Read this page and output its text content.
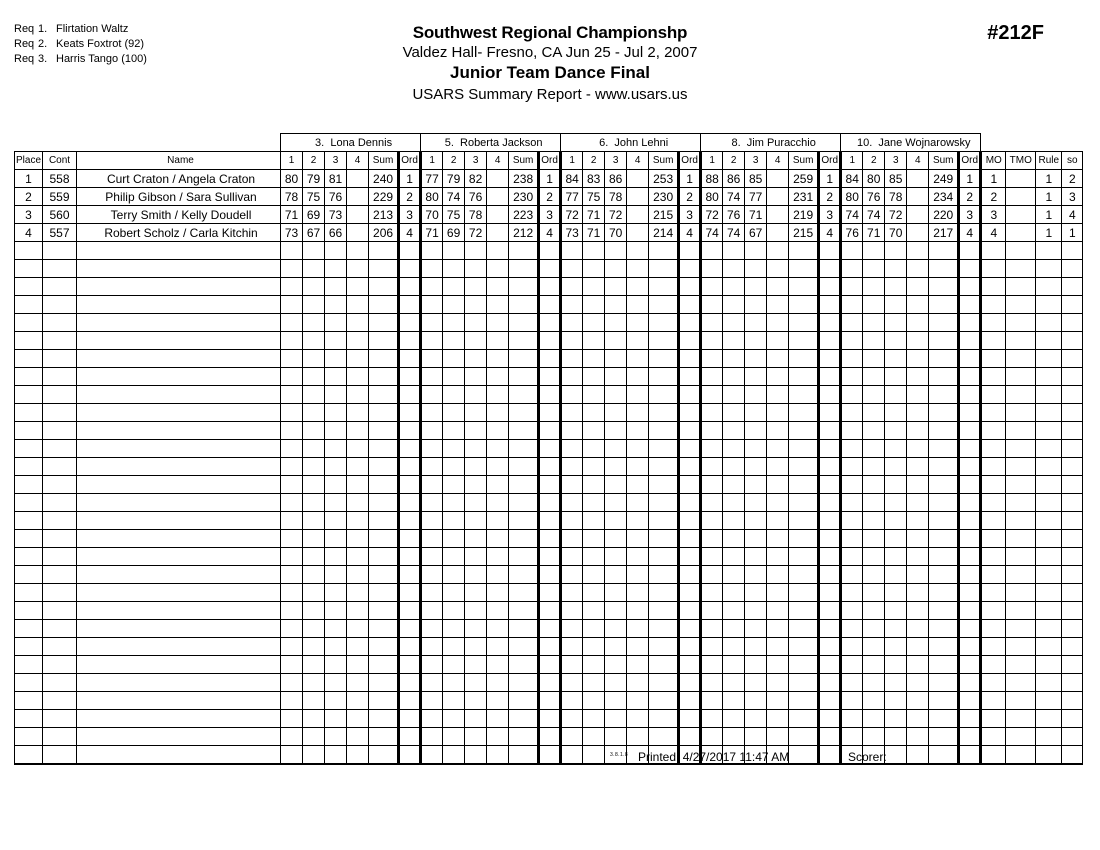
Req 1. Flirtation Waltz
Req 2. Keats Foxtrot (92)
Req 3. Harris Tango (100)
Southwest Regional Championshp
Valdez Hall- Fresno, CA Jun 25 - Jul 2, 2007
Junior Team Dance Final
USARS Summary Report - www.usars.us
#212F
			3.  Lona Dennis						5.  Roberta Jackson						6.  John Lehni						8.  Jim Puracchio						10.  Jane Wojnarowsky									
Place	Cont	Name	1	2	3	4	Sum	Ord	1	2	3	4	Sum	Ord	1	2	3	4	Sum	Ord	1	2	3	4	Sum	Ord	1	2	3	4	Sum	Ord	MO	TMO	Rule	so
1	558	Curt Craton / Angela Craton	80	79	81		240	1	77	79	82		238	1	84	83	86		253	1	88	86	85		259	1	84	80	85		249	1	1		1	2
2	559	Philip Gibson / Sara Sullivan	78	75	76		229	2	80	74	76		230	2	77	75	78		230	2	80	74	77		231	2	80	76	78		234	2	2		1	3
3	560	Terry Smith / Kelly Doudell	71	69	73		213	3	70	75	78		223	3	72	71	72		215	3	72	76	71		219	3	74	74	72		220	3	3		1	4
4	557	Robert Scholz / Carla Kitchin	73	67	66		206	4	71	69	72		212	4	73	71	70		214	4	74	74	67		215	4	76	71	70		217	4	4		1	1

3.8.1.8 Printed: 4/27/2017 11:47 AM	Scorer:
